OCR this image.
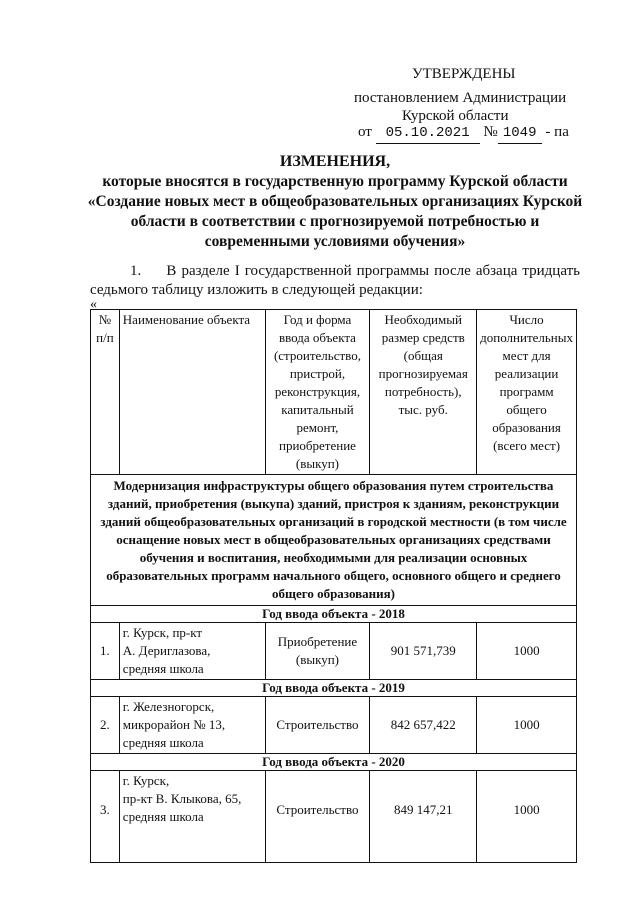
УТВЕРЖДЕНЫ
постановлением Администрации
Курской области
от 05.10.2021 № 1049 - па
ИЗМЕНЕНИЯ,
которые вносятся в государственную программу Курской области
«Создание новых мест в общеобразовательных организациях Курской
области в соответствии с прогнозируемой потребностью и
современными условиями обучения»
1. В разделе I государственной программы после абзаца тридцать седьмого таблицу изложить в следующей редакции:
«
№ п/п	Наименование объекта	Год и форма ввода объекта (строительство, пристрой, реконструкция, капитальный ремонт, приобретение (выкуп)	Необходимый размер средств (общая прогнозируемая потребность), тыс. руб.	Число дополнительных мест для реализации программ общего образования (всего мест)
Модернизация инфраструктуры общего образования путем строительства зданий, приобретения (выкупа) зданий, пристроя к зданиям, реконструкции зданий общеобразовательных организаций в городской местности (в том числе оснащение новых мест в общеобразовательных организациях средствами обучения и воспитания, необходимыми для реализации основных образовательных программ начального общего, основного общего и среднего общего образования)				
Год ввода объекта - 2018				
1.	г. Курск, пр-кт
А. Дериглазова,
средняя школа	Приобретение (выкуп)	901 571,739	1000
Год ввода объекта - 2019				
2.	г. Железногорск,
микрорайон № 13,
средняя школа	Строительство	842 657,422	1000
Год ввода объекта - 2020				
3.	г. Курск,
пр-кт В. Клыкова, 65,
средняя школа	Строительство	849 147,21	1000
